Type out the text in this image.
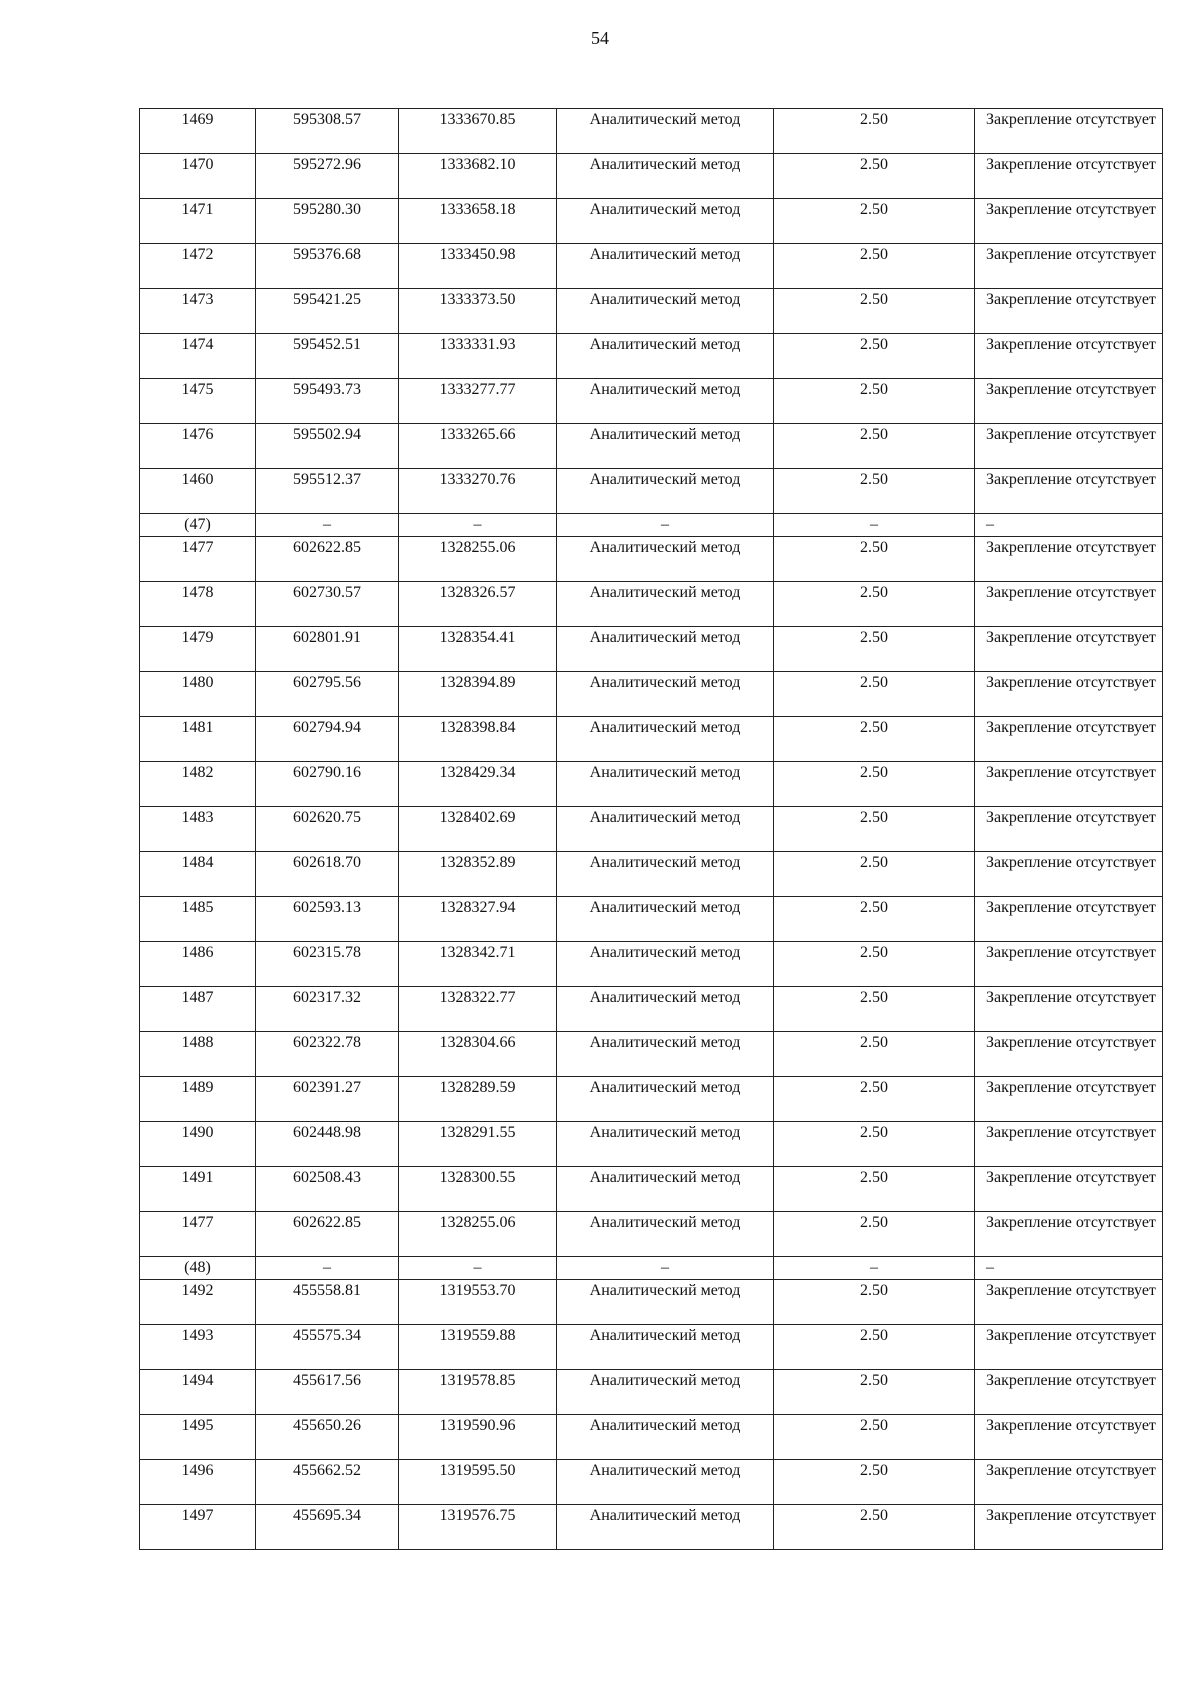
54
1469	595308.57	1333670.85	Аналитический метод	2.50	Закрепление отсутствует
1470	595272.96	1333682.10	Аналитический метод	2.50	Закрепление отсутствует
1471	595280.30	1333658.18	Аналитический метод	2.50	Закрепление отсутствует
1472	595376.68	1333450.98	Аналитический метод	2.50	Закрепление отсутствует
1473	595421.25	1333373.50	Аналитический метод	2.50	Закрепление отсутствует
1474	595452.51	1333331.93	Аналитический метод	2.50	Закрепление отсутствует
1475	595493.73	1333277.77	Аналитический метод	2.50	Закрепление отсутствует
1476	595502.94	1333265.66	Аналитический метод	2.50	Закрепление отсутствует
1460	595512.37	1333270.76	Аналитический метод	2.50	Закрепление отсутствует
(47)	–	–	–	–	–
1477	602622.85	1328255.06	Аналитический метод	2.50	Закрепление отсутствует
1478	602730.57	1328326.57	Аналитический метод	2.50	Закрепление отсутствует
1479	602801.91	1328354.41	Аналитический метод	2.50	Закрепление отсутствует
1480	602795.56	1328394.89	Аналитический метод	2.50	Закрепление отсутствует
1481	602794.94	1328398.84	Аналитический метод	2.50	Закрепление отсутствует
1482	602790.16	1328429.34	Аналитический метод	2.50	Закрепление отсутствует
1483	602620.75	1328402.69	Аналитический метод	2.50	Закрепление отсутствует
1484	602618.70	1328352.89	Аналитический метод	2.50	Закрепление отсутствует
1485	602593.13	1328327.94	Аналитический метод	2.50	Закрепление отсутствует
1486	602315.78	1328342.71	Аналитический метод	2.50	Закрепление отсутствует
1487	602317.32	1328322.77	Аналитический метод	2.50	Закрепление отсутствует
1488	602322.78	1328304.66	Аналитический метод	2.50	Закрепление отсутствует
1489	602391.27	1328289.59	Аналитический метод	2.50	Закрепление отсутствует
1490	602448.98	1328291.55	Аналитический метод	2.50	Закрепление отсутствует
1491	602508.43	1328300.55	Аналитический метод	2.50	Закрепление отсутствует
1477	602622.85	1328255.06	Аналитический метод	2.50	Закрепление отсутствует
(48)	–	–	–	–	–
1492	455558.81	1319553.70	Аналитический метод	2.50	Закрепление отсутствует
1493	455575.34	1319559.88	Аналитический метод	2.50	Закрепление отсутствует
1494	455617.56	1319578.85	Аналитический метод	2.50	Закрепление отсутствует
1495	455650.26	1319590.96	Аналитический метод	2.50	Закрепление отсутствует
1496	455662.52	1319595.50	Аналитический метод	2.50	Закрепление отсутствует
1497	455695.34	1319576.75	Аналитический метод	2.50	Закрепление отсутствует
